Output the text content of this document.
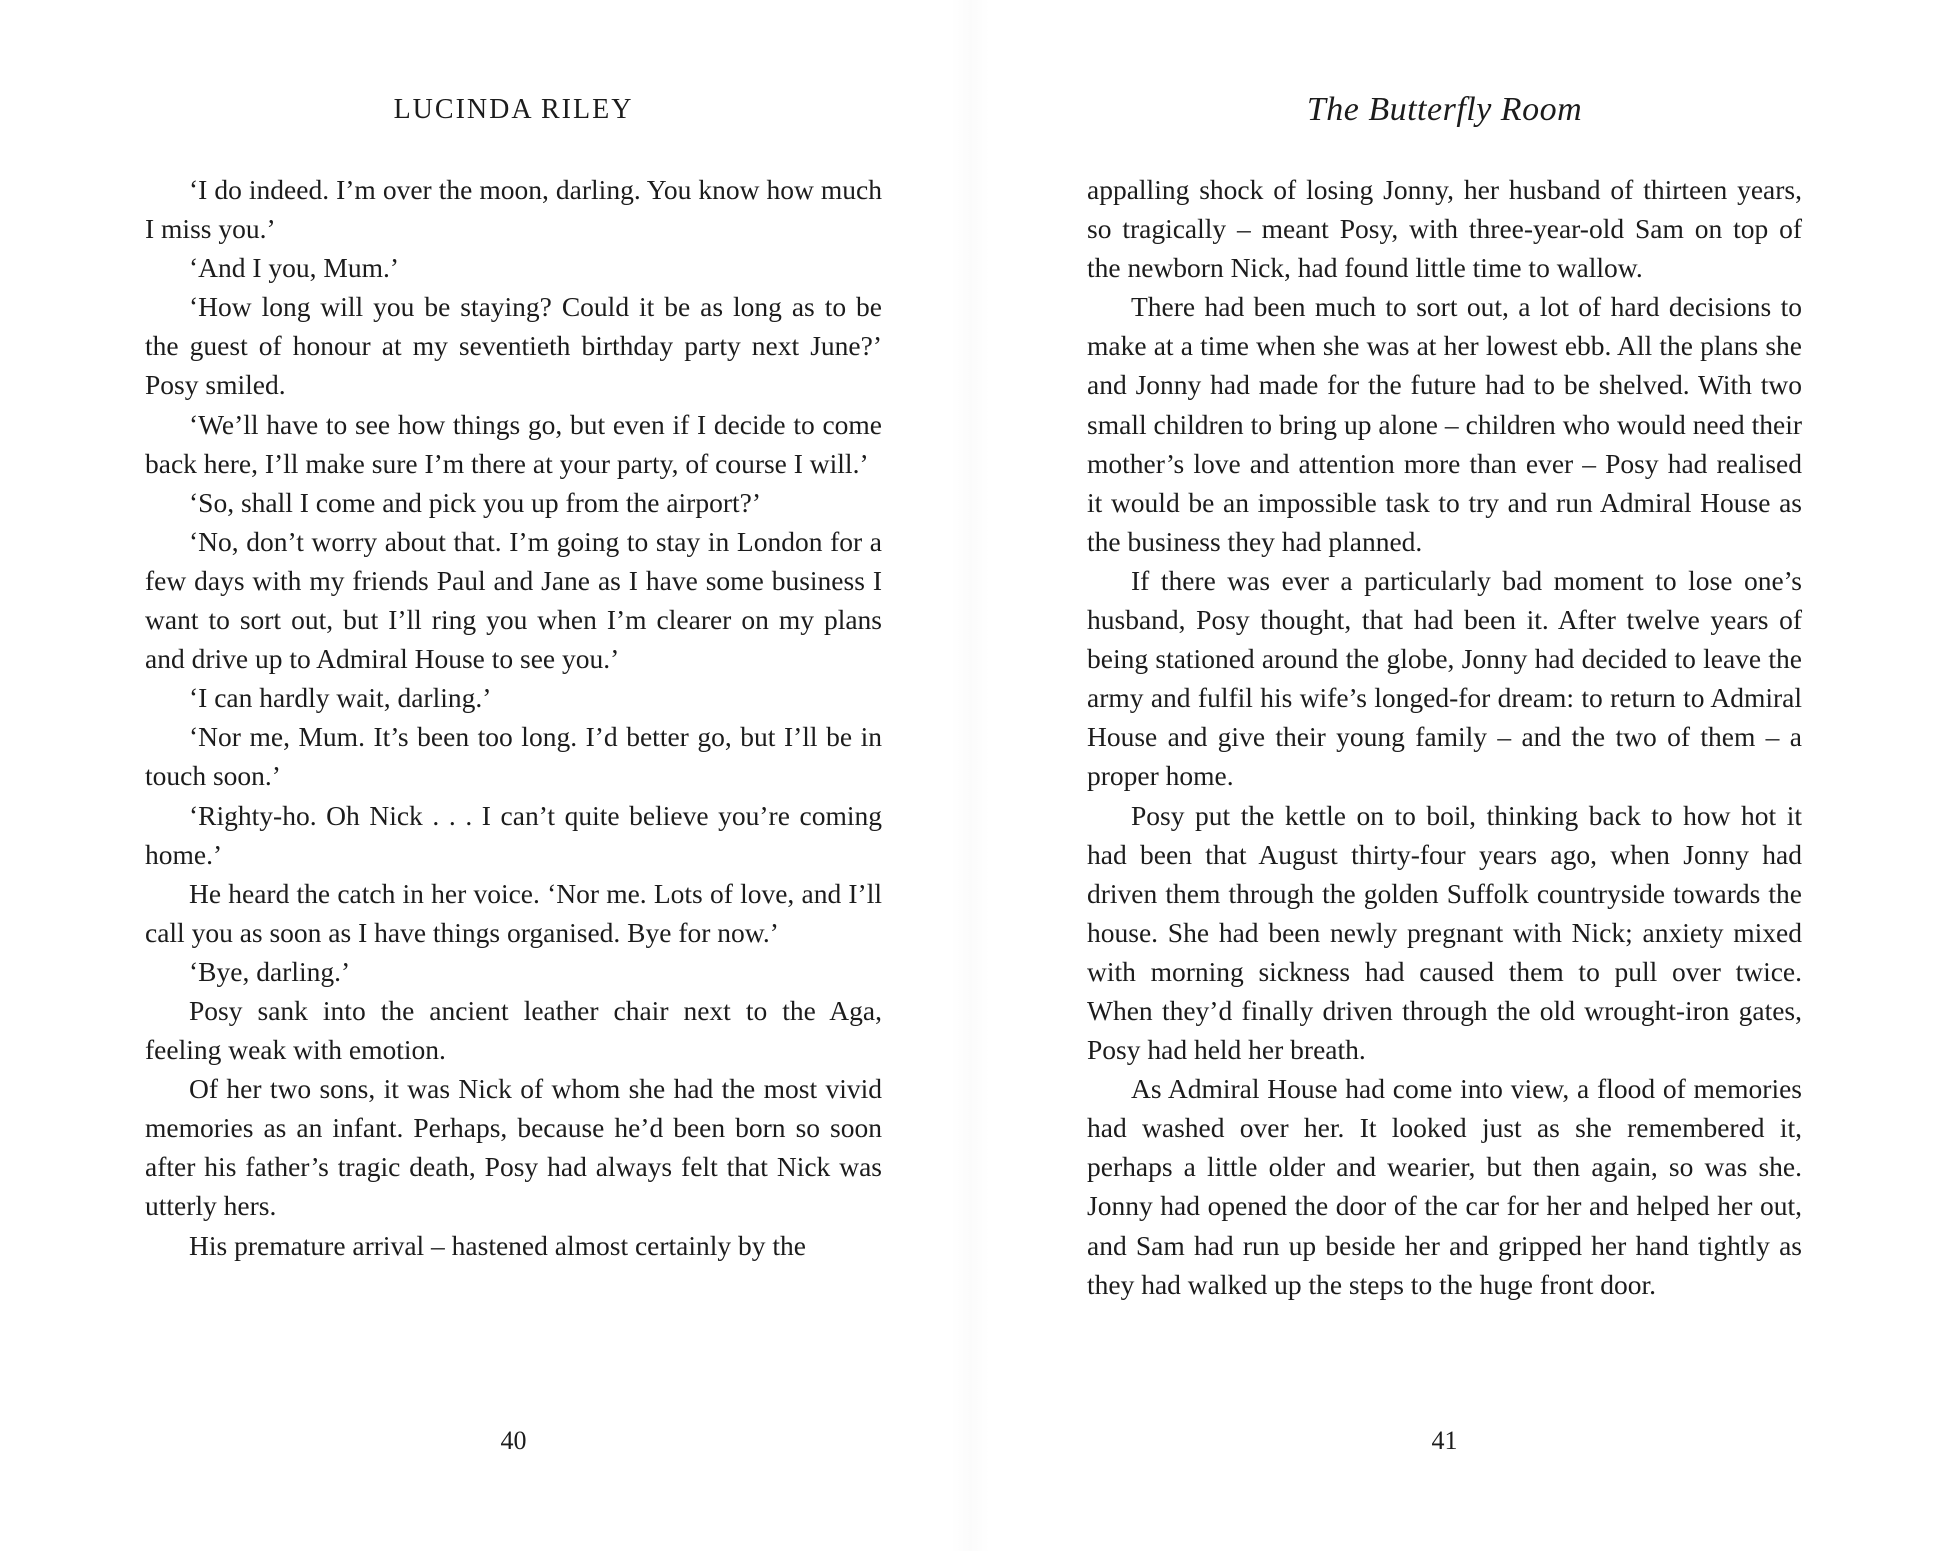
LUCINDA RILEY

‘I do indeed. I’m over the moon, darling. You know how much I miss you.’

‘And I you, Mum.’

‘How long will you be staying? Could it be as long as to be the guest of honour at my seventieth birthday party next June?’ Posy smiled.

‘We’ll have to see how things go, but even if I decide to come back here, I’ll make sure I’m there at your party, of course I will.’

‘So, shall I come and pick you up from the airport?’

‘No, don’t worry about that. I’m going to stay in London for a few days with my friends Paul and Jane as I have some business I want to sort out, but I’ll ring you when I’m clearer on my plans and drive up to Admiral House to see you.’

‘I can hardly wait, darling.’

‘Nor me, Mum. It’s been too long. I’d better go, but I’ll be in touch soon.’

‘Righty-ho. Oh Nick . . . I can’t quite believe you’re coming home.’

He heard the catch in her voice. ‘Nor me. Lots of love, and I’ll call you as soon as I have things organised. Bye for now.’

‘Bye, darling.’

Posy sank into the ancient leather chair next to the Aga, feeling weak with emotion.

Of her two sons, it was Nick of whom she had the most vivid memories as an infant. Perhaps, because he’d been born so soon after his father’s tragic death, Posy had always felt that Nick was utterly hers.

His premature arrival – hastened almost certainly by the

40
The Butterfly Room

appalling shock of losing Jonny, her husband of thirteen years, so tragically – meant Posy, with three-year-old Sam on top of the newborn Nick, had found little time to wallow.

There had been much to sort out, a lot of hard decisions to make at a time when she was at her lowest ebb. All the plans she and Jonny had made for the future had to be shelved. With two small children to bring up alone – children who would need their mother’s love and attention more than ever – Posy had realised it would be an impossible task to try and run Admiral House as the business they had planned.

If there was ever a particularly bad moment to lose one’s husband, Posy thought, that had been it. After twelve years of being stationed around the globe, Jonny had decided to leave the army and fulfil his wife’s longed-for dream: to return to Admiral House and give their young family – and the two of them – a proper home.

Posy put the kettle on to boil, thinking back to how hot it had been that August thirty-four years ago, when Jonny had driven them through the golden Suffolk countryside towards the house. She had been newly pregnant with Nick; anxiety mixed with morning sickness had caused them to pull over twice. When they’d finally driven through the old wrought-iron gates, Posy had held her breath.

As Admiral House had come into view, a flood of memories had washed over her. It looked just as she remembered it, perhaps a little older and wearier, but then again, so was she. Jonny had opened the door of the car for her and helped her out, and Sam had run up beside her and gripped her hand tightly as they had walked up the steps to the huge front door.

41
